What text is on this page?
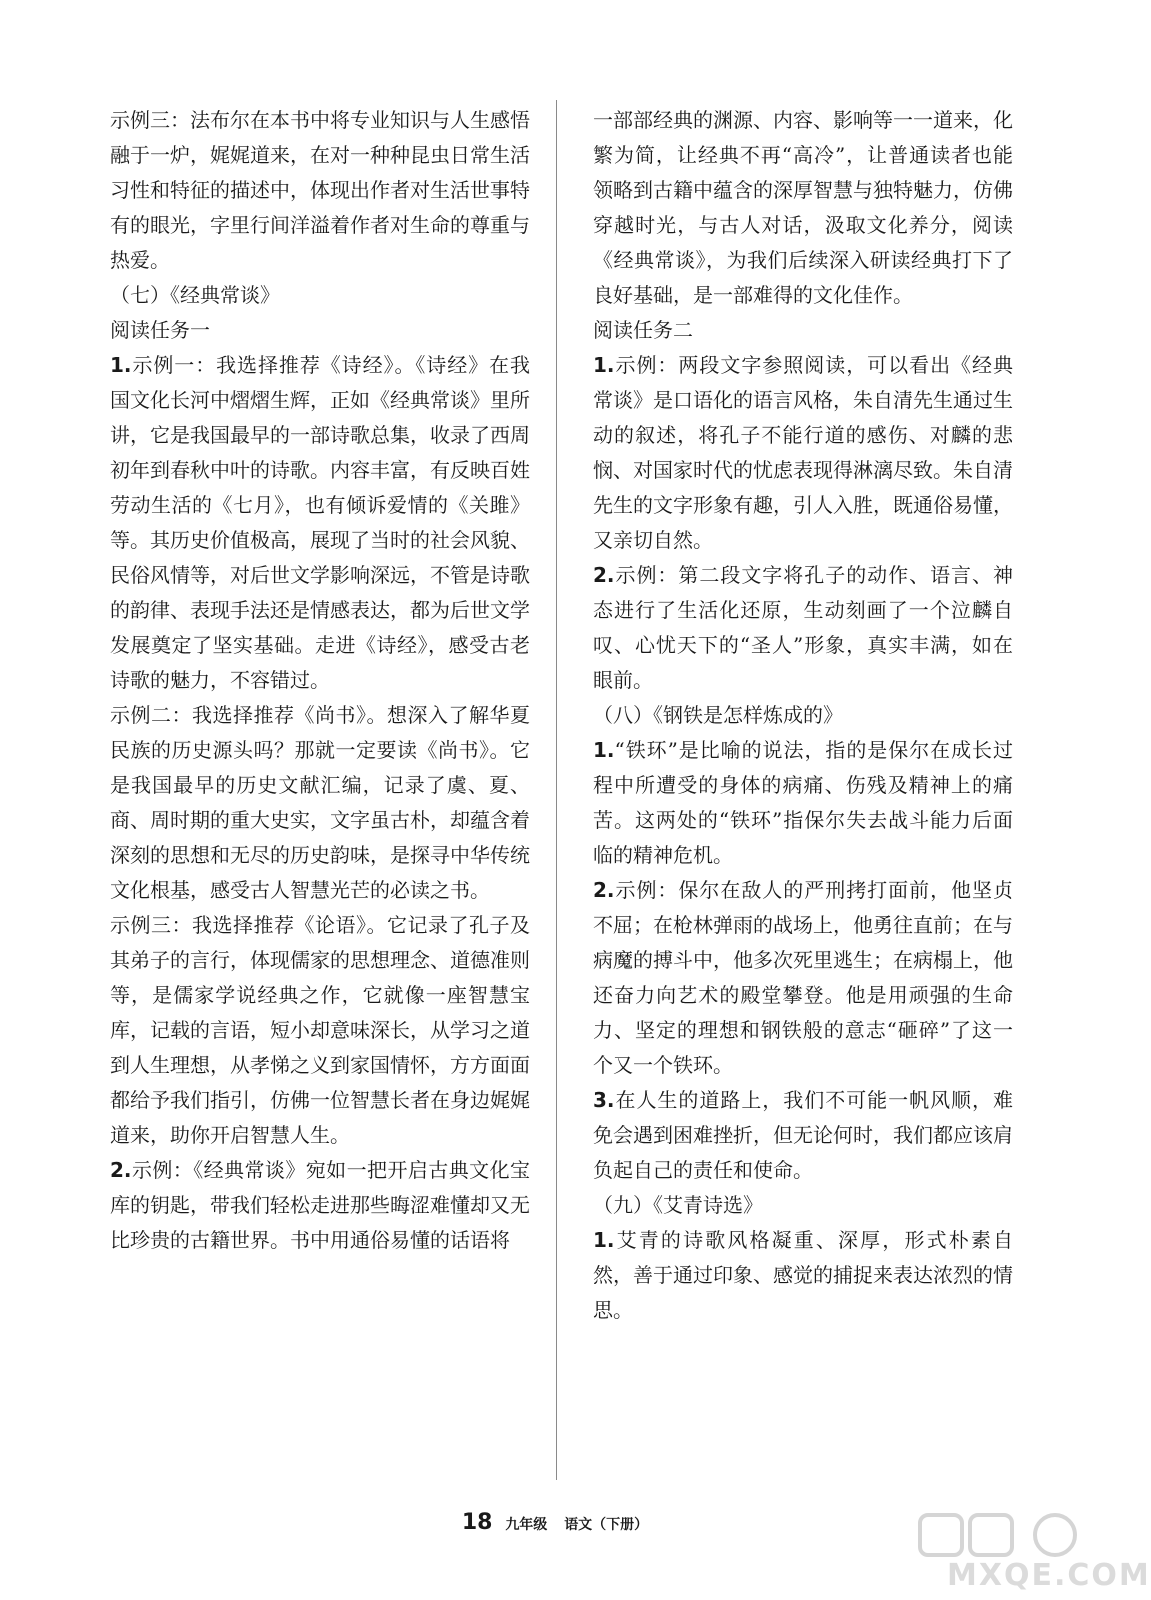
示例三：法布尔在本书中将专业知识与人生感悟融于一炉，娓娓道来，在对一种种昆虫日常生活习性和特征的描述中，体现出作者对生活世事特有的眼光，字里行间洋溢着作者对生命的尊重与热爱。

（七）《经典常谈》

阅读任务一

1.示例一：我选择推荐《诗经》。《诗经》在我国文化长河中熠熠生辉，正如《经典常谈》里所讲，它是我国最早的一部诗歌总集，收录了西周初年到春秋中叶的诗歌。内容丰富，有反映百姓劳动生活的《七月》，也有倾诉爱情的《关雎》等。其历史价值极高，展现了当时的社会风貌、民俗风情等，对后世文学影响深远，不管是诗歌的韵律、表现手法还是情感表达，都为后世文学发展奠定了坚实基础。走进《诗经》，感受古老诗歌的魅力，不容错过。

示例二：我选择推荐《尚书》。想深入了解华夏民族的历史源头吗？那就一定要读《尚书》。它是我国最早的历史文献汇编，记录了虞、夏、商、周时期的重大史实，文字虽古朴，却蕴含着深刻的思想和无尽的历史韵味，是探寻中华传统文化根基，感受古人智慧光芒的必读之书。

示例三：我选择推荐《论语》。它记录了孔子及其弟子的言行，体现儒家的思想理念、道德准则等，是儒家学说经典之作，它就像一座智慧宝库，记载的言语，短小却意味深长，从学习之道到人生理想，从孝悌之义到家国情怀，方方面面都给予我们指引，仿佛一位智慧长者在身边娓娓道来，助你开启智慧人生。

2.示例：《经典常谈》宛如一把开启古典文化宝库的钥匙，带我们轻松走进那些晦涩难懂却又无比珍贵的古籍世界。书中用通俗易懂的话语将

一部部经典的渊源、内容、影响等一一道来，化繁为简，让经典不再“高冷”，让普通读者也能领略到古籍中蕴含的深厚智慧与独特魅力，仿佛穿越时光，与古人对话，汲取文化养分，阅读《经典常谈》，为我们后续深入研读经典打下了良好基础，是一部难得的文化佳作。

阅读任务二

1.示例：两段文字参照阅读，可以看出《经典常谈》是口语化的语言风格，朱自清先生通过生动的叙述，将孔子不能行道的感伤、对麟的悲悯、对国家时代的忧虑表现得淋漓尽致。朱自清先生的文字形象有趣，引人入胜，既通俗易懂，又亲切自然。

2.示例：第二段文字将孔子的动作、语言、神态进行了生活化还原，生动刻画了一个泣麟自叹、心忧天下的“圣人”形象，真实丰满，如在眼前。

（八）《钢铁是怎样炼成的》

1.“铁环”是比喻的说法，指的是保尔在成长过程中所遭受的身体的病痛、伤残及精神上的痛苦。这两处的“铁环”指保尔失去战斗能力后面临的精神危机。

2.示例：保尔在敌人的严刑拷打面前，他坚贞不屈；在枪林弹雨的战场上，他勇往直前；在与病魔的搏斗中，他多次死里逃生；在病榻上，他还奋力向艺术的殿堂攀登。他是用顽强的生命力、坚定的理想和钢铁般的意志“砸碎”了这一个又一个铁环。

3.在人生的道路上，我们不可能一帆风顺，难免会遇到困难挫折，但无论何时，我们都应该肩负起自己的责任和使命。

（九）《艾青诗选》

1.艾青的诗歌风格凝重、深厚，形式朴素自然，善于通过印象、感觉的捕捉来表达浓烈的情思。

18 九年级 语文（下册）
MXQE.COM
